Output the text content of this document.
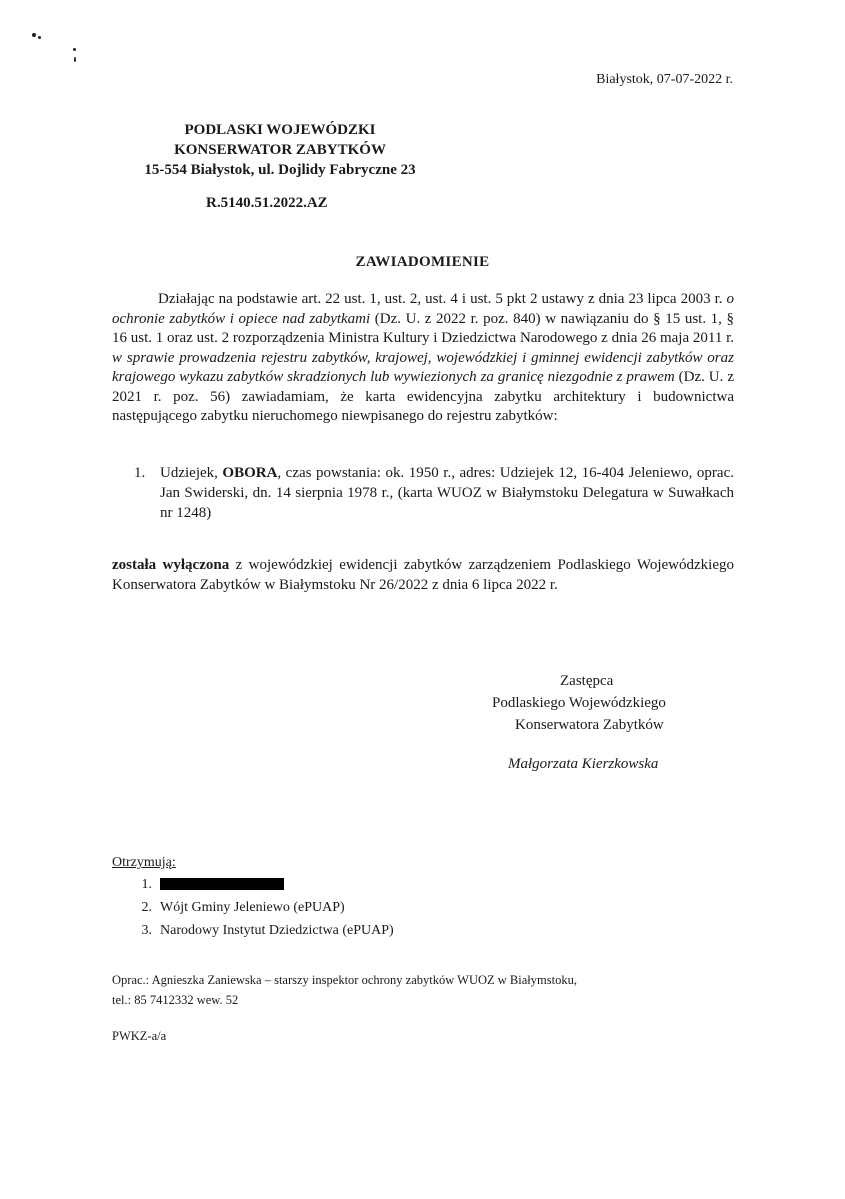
Białystok, 07-07-2022 r.
PODLASKI WOJEWÓDZKI
KONSERWATOR ZABYTKÓW
15-554 Białystok, ul. Dojlidy Fabryczne 23
R.5140.51.2022.AZ
ZAWIADOMIENIE
Działając na podstawie art. 22 ust. 1, ust. 2, ust. 4 i ust. 5 pkt 2 ustawy z dnia 23 lipca 2003 r. o ochronie zabytków i opiece nad zabytkami (Dz. U. z 2022 r. poz. 840) w nawiązaniu do § 15 ust. 1, § 16 ust. 1 oraz ust. 2 rozporządzenia Ministra Kultury i Dziedzictwa Narodowego z dnia 26 maja 2011 r. w sprawie prowadzenia rejestru zabytków, krajowej, wojewódzkiej i gminnej ewidencji zabytków oraz krajowego wykazu zabytków skradzionych lub wywiezionych za granicę niezgodnie z prawem (Dz. U. z 2021 r. poz. 56) zawiadamiam, że karta ewidencyjna zabytku architektury i budownictwa następującego zabytku nieruchomego niewpisanego do rejestru zabytków:
1. Udziejek, OBORA, czas powstania: ok. 1950 r., adres: Udziejek 12, 16-404 Jeleniewo, oprac. Jan Swiderski, dn. 14 sierpnia 1978 r., (karta WUOZ w Białymstoku Delegatura w Suwałkach nr 1248)
została wyłączona z wojewódzkiej ewidencji zabytków zarządzeniem Podlaskiego Wojewódzkiego Konserwatora Zabytków w Białymstoku Nr 26/2022 z dnia 6 lipca 2022 r.
Zastępca
Podlaskiego Wojewódzkiego
Konserwatora Zabytków
Małgorzata Kierzkowska
Otrzymują:
1.
2. Wójt Gminy Jeleniewo (ePUAP)
3. Narodowy Instytut Dziedzictwa (ePUAP)
Oprac.: Agnieszka Zaniewska – starszy inspektor ochrony zabytków WUOZ w Białymstoku,
tel.: 85 7412332 wew. 52
PWKZ-a/a
